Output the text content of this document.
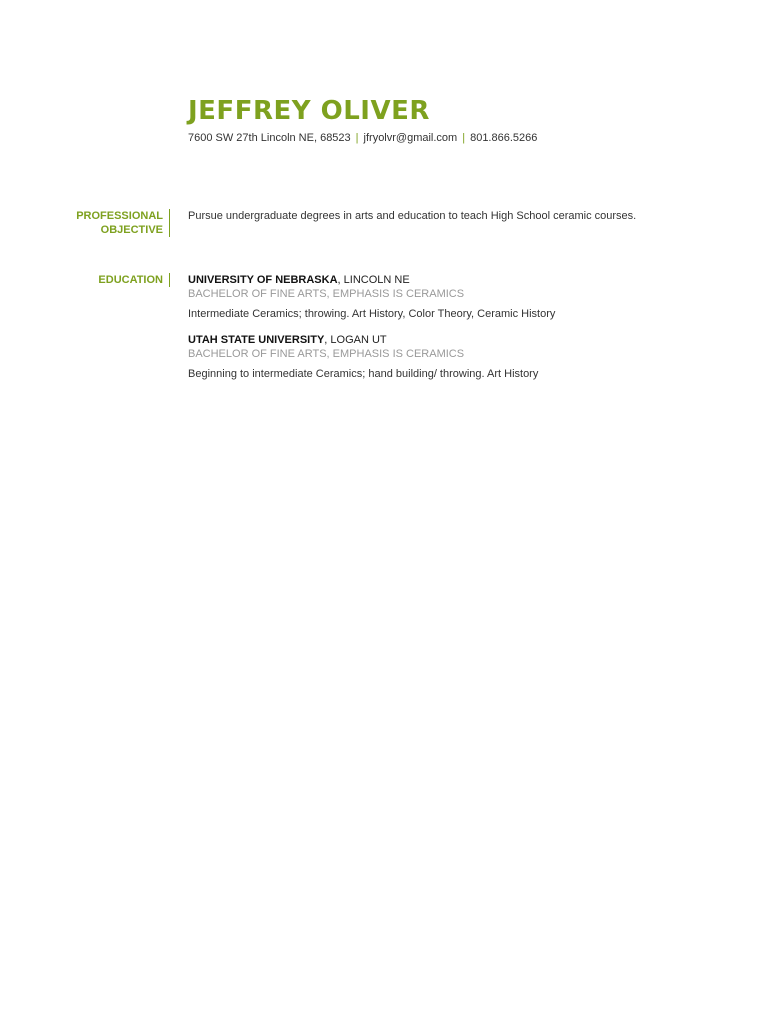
JEFFREY OLIVER
7600 SW 27th Lincoln NE, 68523 | jfryolvr@gmail.com | 801.866.5266
PROFESSIONAL
OBJECTIVE
Pursue undergraduate degrees in arts and education to teach High School ceramic courses.
EDUCATION	UNIVERSITY OF NEBRASKA, LINCOLN NE
BACHELOR OF FINE ARTS, EMPHASIS IS CERAMICS
Intermediate Ceramics; throwing. Art History, Color Theory, Ceramic History
UTAH STATE UNIVERSITY, LOGAN UT
BACHELOR OF FINE ARTS, EMPHASIS IS CERAMICS
Beginning to intermediate Ceramics; hand building/ throwing. Art History
